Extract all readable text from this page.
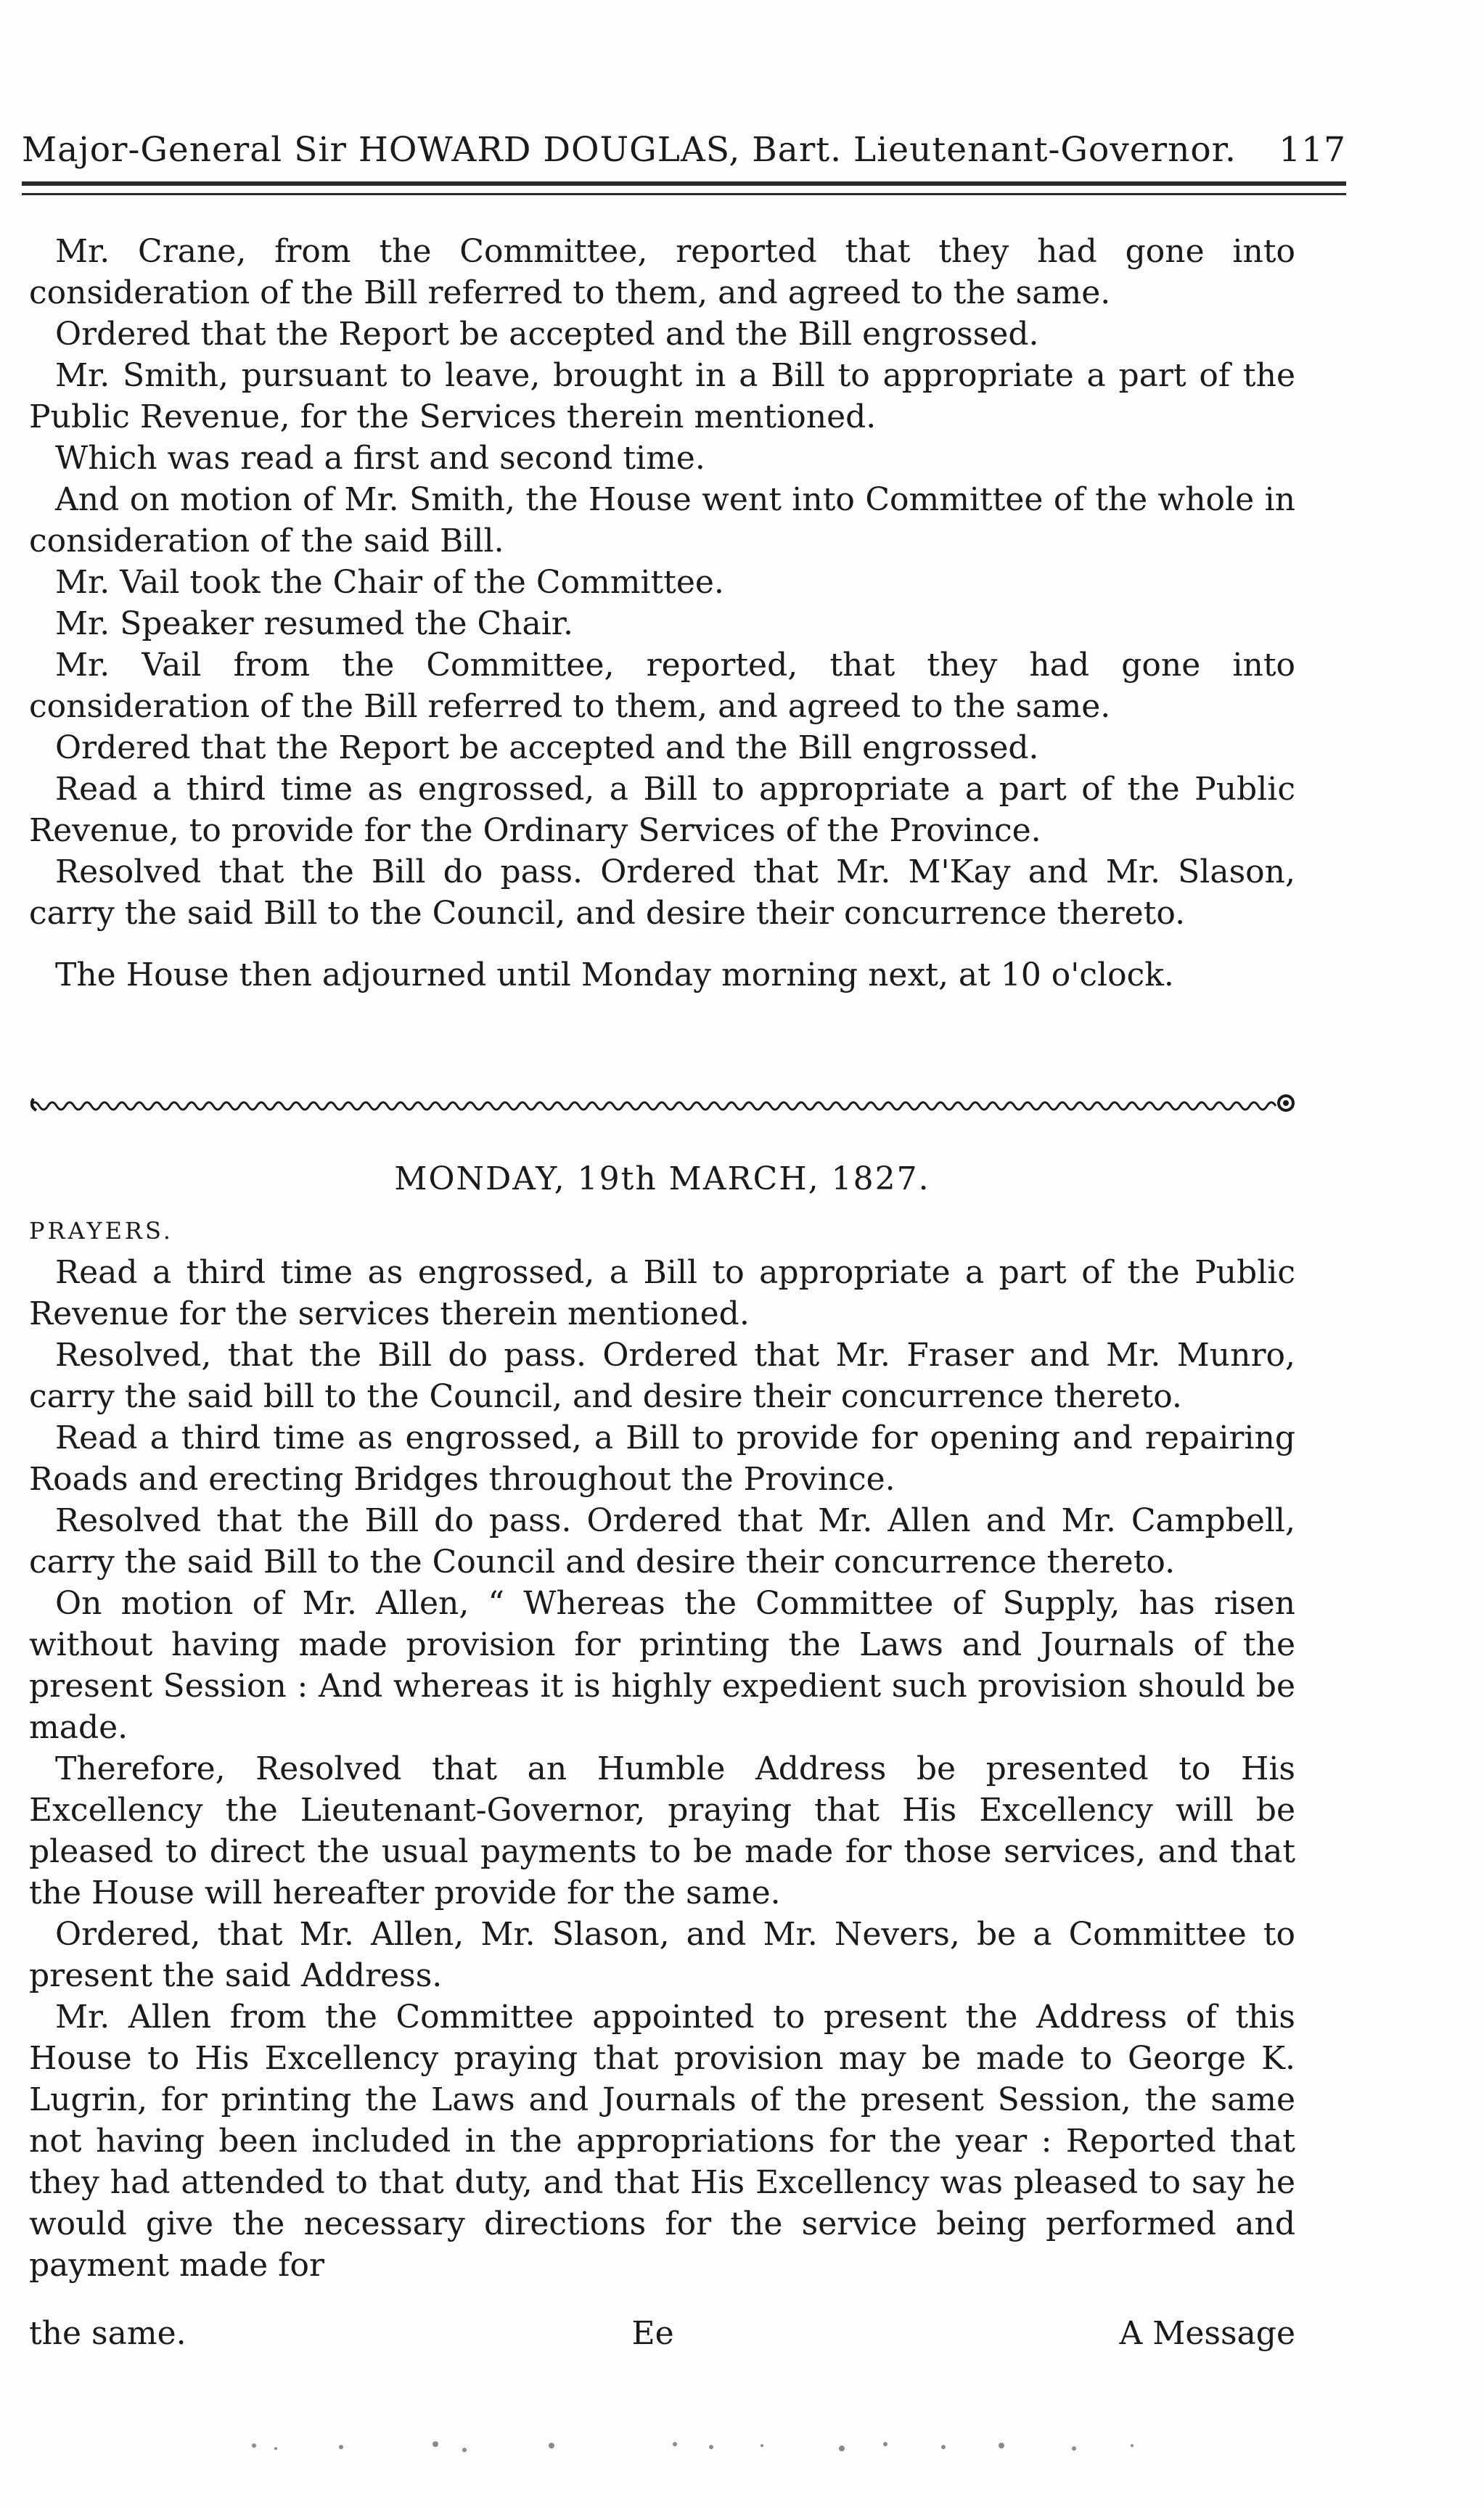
Major-General Sir HOWARD DOUGLAS, Bart. Lieutenant-Governor. 117

Mr. Crane, from the Committee, reported that they had gone into consideration of the Bill referred to them, and agreed to the same.

Ordered that the Report be accepted and the Bill engrossed.

Mr. Smith, pursuant to leave, brought in a Bill to appropriate a part of the Public Revenue, for the Services therein mentioned.

Which was read a first and second time.

And on motion of Mr. Smith, the House went into Committee of the whole in consideration of the said Bill.

Mr. Vail took the Chair of the Committee.

Mr. Speaker resumed the Chair.

Mr. Vail from the Committee, reported, that they had gone into consideration of the Bill referred to them, and agreed to the same.

Ordered that the Report be accepted and the Bill engrossed.

Read a third time as engrossed, a Bill to appropriate a part of the Public Revenue, to provide for the Ordinary Services of the Province.

Resolved that the Bill do pass. Ordered that Mr. M'Kay and Mr. Slason, carry the said Bill to the Council, and desire their concurrence thereto.

The House then adjourned until Monday morning next, at 10 o'clock.

MONDAY, 19th MARCH, 1827.
PRAYERS.

Read a third time as engrossed, a Bill to appropriate a part of the Public Revenue for the services therein mentioned.

Resolved, that the Bill do pass. Ordered that Mr. Fraser and Mr. Munro, carry the said bill to the Council, and desire their concurrence thereto.

Read a third time as engrossed, a Bill to provide for opening and repairing Roads and erecting Bridges throughout the Province.

Resolved that the Bill do pass. Ordered that Mr. Allen and Mr. Campbell, carry the said Bill to the Council and desire their concurrence thereto.

On motion of Mr. Allen, “ Whereas the Committee of Supply, has risen without having made provision for printing the Laws and Journals of the present Session : And whereas it is highly expedient such provision should be made.

Therefore, Resolved that an Humble Address be presented to His Excellency the Lieutenant-Governor, praying that His Excellency will be pleased to direct the usual payments to be made for those services, and that the House will hereafter provide for the same.

Ordered, that Mr. Allen, Mr. Slason, and Mr. Nevers, be a Committee to present the said Address.

Mr. Allen from the Committee appointed to present the Address of this House to His Excellency praying that provision may be made to George K. Lugrin, for printing the Laws and Journals of the present Session, the same not having been included in the appropriations for the year : Reported that they had attended to that duty, and that His Excellency was pleased to say he would give the necessary directions for the service being performed and payment made for

the same.	Ee	A Message
